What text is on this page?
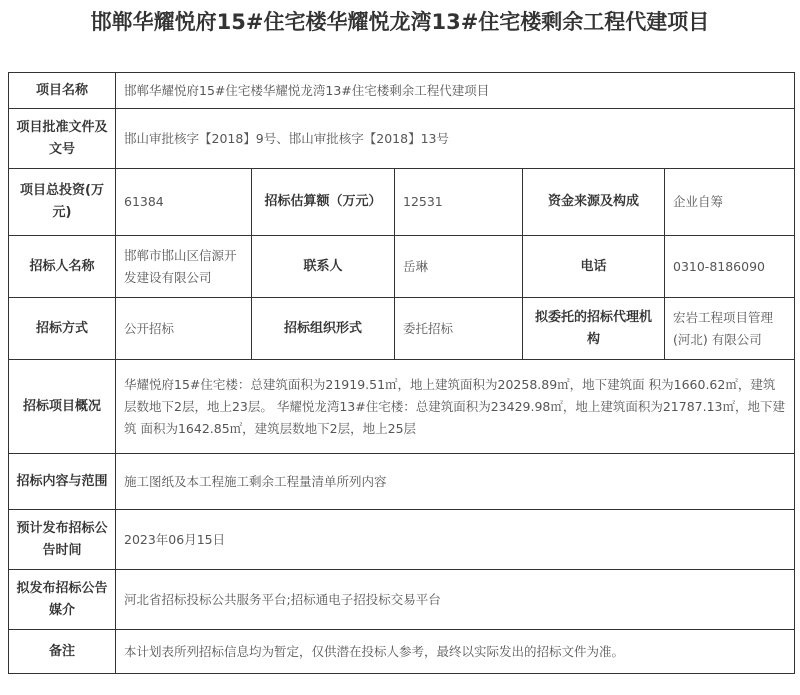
邯郸华耀悦府15#住宅楼华耀悦龙湾13#住宅楼剩余工程代建项目
项目名称	邯郸华耀悦府15#住宅楼华耀悦龙湾13#住宅楼剩余工程代建项目				
项目批准文件及文号	邯山审批核字【2018】9号、邯山审批核字【2018】13号				
项目总投资(万元)	61384	招标估算额（万元）	12531	资金来源及构成	企业自筹
招标人名称	邯郸市邯山区信源开发建设有限公司	联系人	岳琳	电话	0310-8186090
招标方式	公开招标	招标组织形式	委托招标	拟委托的招标代理机构	宏岩工程项目管理(河北) 有限公司
招标项目概况	华耀悦府15#住宅楼：总建筑面积为21919.51㎡，地上建筑面积为20258.89㎡，地下建筑面 积为1660.62㎡，建筑层数地下2层，地上23层。 华耀悦龙湾13#住宅楼：总建筑面积为23429.98㎡，地上建筑面积为21787.13㎡，地下建筑 面积为1642.85㎡，建筑层数地下2层，地上25层				
招标内容与范围	施工图纸及本工程施工剩余工程量清单所列内容				
预计发布招标公告时间	2023年06月15日				
拟发布招标公告媒介	河北省招标投标公共服务平台;招标通电子招投标交易平台				
备注	本计划表所列招标信息均为暂定，仅供潜在投标人参考，最终以实际发出的招标文件为准。				
